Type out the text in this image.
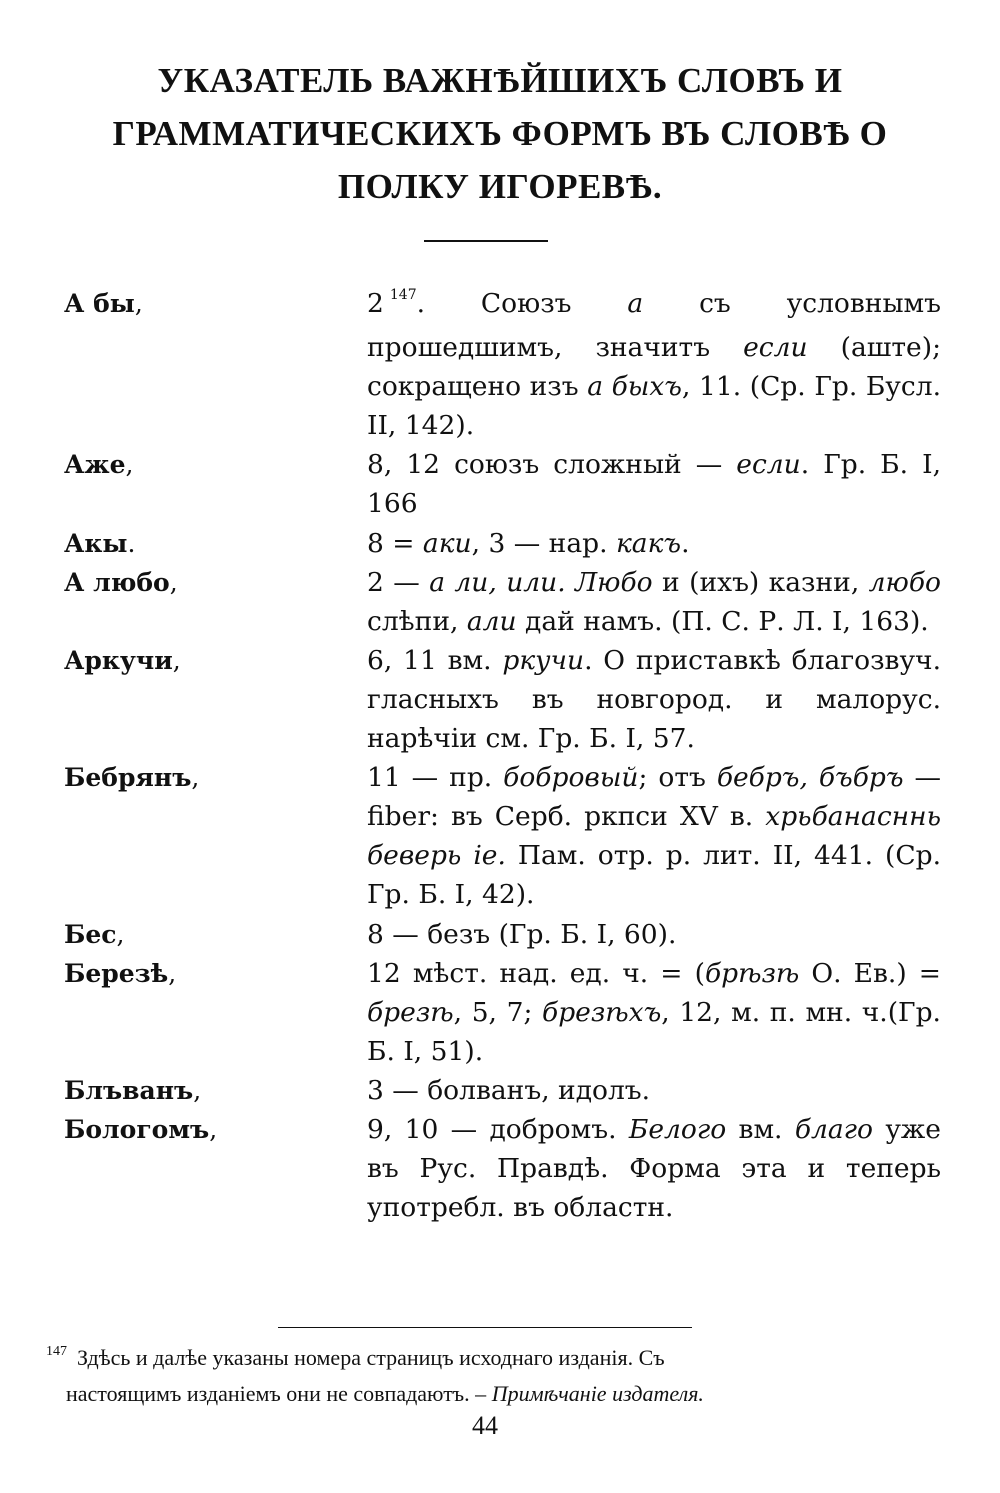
УКАЗАТЕЛЬ ВАЖНѢЙШИХЪ СЛОВЪ И
ГРАММАТИЧЕСКИХЪ ФОРМЪ ВЪ СЛОВѢ О
ПОЛКУ ИГОРЕВѢ.
А бы,	2 $^{147}$. Союзъ а съ условнымъ прошедшимъ, значитъ если (аште); сокращено изъ а быхъ, 11. (Ср. Гр. Бусл. II, 142).
Аже,	8, 12 союзъ сложный — если. Гр. Б. I, 166
Акы.	8 = аки, 3 — нар. какъ.
А любо,	2 — а ли, или. Любо и (ихъ) казни, любо слѣпи, али дай намъ. (П. С. Р. Л. I, 163).
Аркучи,	6, 11 вм. ркучи. О приставкѣ благозвуч. гласныхъ въ новгород. и малорус. нарѣчiи см. Гр. Б. I, 57.
Бебрянъ,	11 — пр. бобровый; отъ бебръ, бъбръ — fiber: въ Серб. ркпси XV в. хрьбанасннь беверь іе. Пам. отр. р. лит. II, 441. (Ср. Гр. Б. I, 42).
Бес,	8 — безъ (Гр. Б. I, 60).
Березѣ,	12 мѣст. над. ед. ч. = (брѣзѣ О. Ев.) = брезѣ, 5, 7; брезѣхъ, 12, м. п. мн. ч.(Гр. Б. I, 51).
Блъванъ,	3 — болванъ, идолъ.
Бологомъ,	9, 10 — добромъ. Белого вм. благо уже въ Рус. Правдѣ. Форма эта и теперь употребл. въ областн.

$^{147}$ Здѣсь и далѣе указаны номера страницъ исходнаго изданiя. Съ
настоящимъ изданiемъ они не совпадаютъ. – Примѣчанiе издателя.

44
